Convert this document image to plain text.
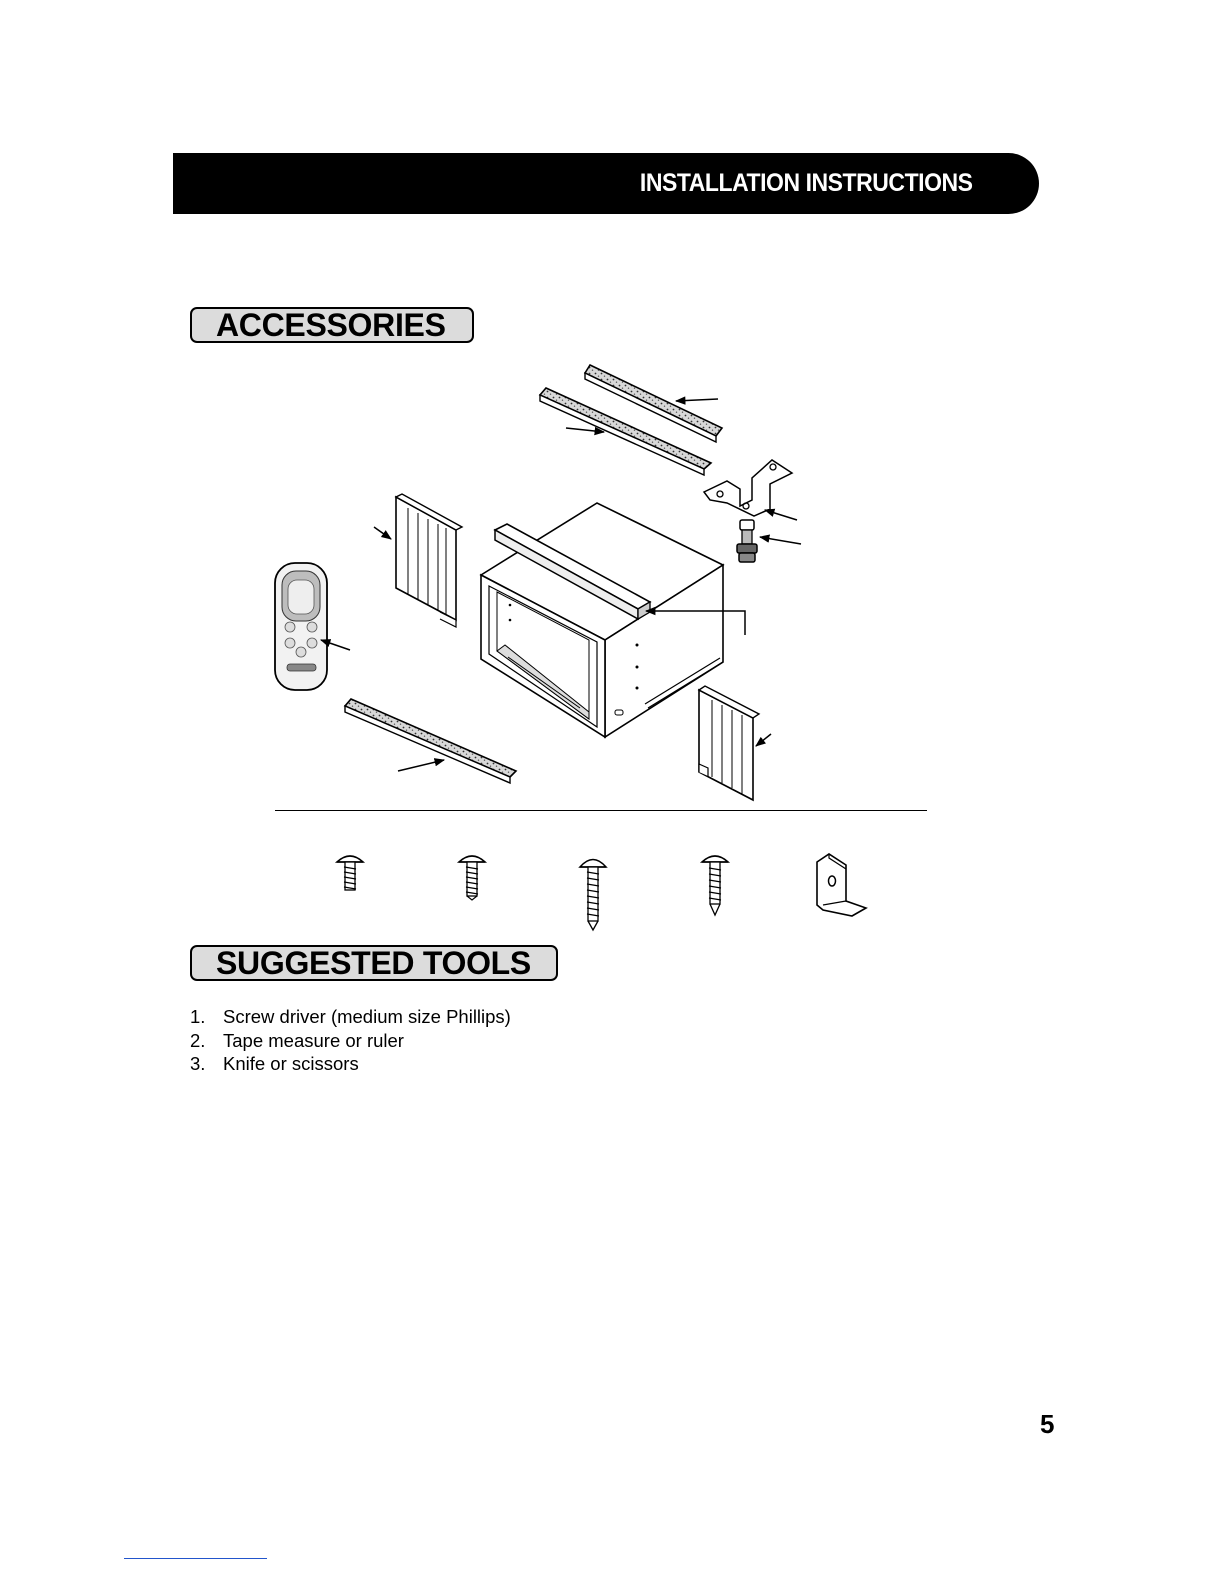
INSTALLATION INSTRUCTIONS
ACCESSORIES
SUGGESTED TOOLS
1. Screw driver (medium size Phillips)
2. Tape measure or ruler
3. Knife or scissors
5
